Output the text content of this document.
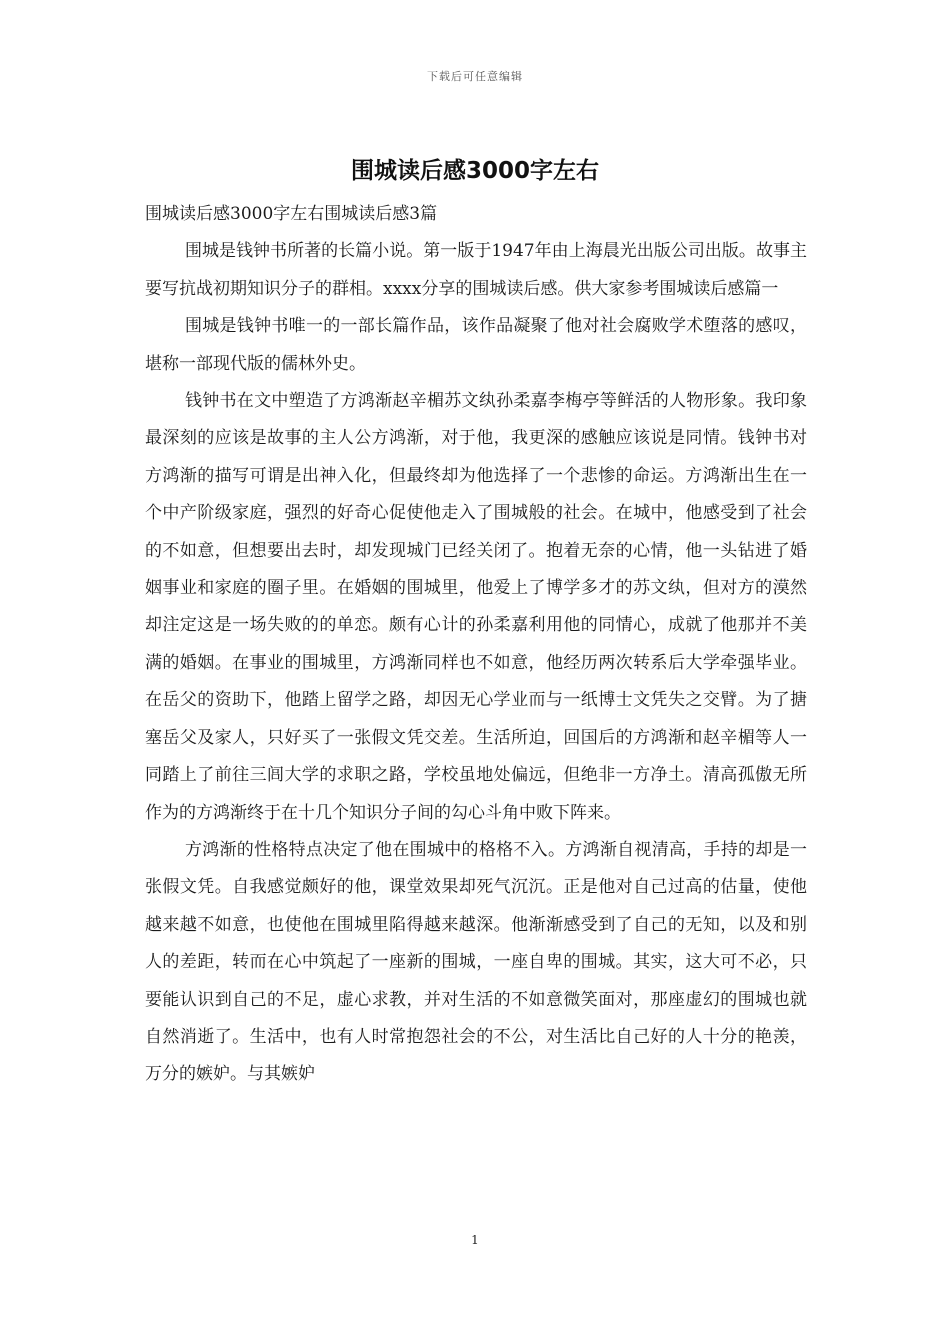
下载后可任意编辑
围城读后感3000字左右

围城读后感3000字左右围城读后感3篇

围城是钱钟书所著的长篇小说。第一版于1947年由上海晨光出版公司出版。故事主要写抗战初期知识分子的群相。xxxx分享的围城读后感。供大家参考围城读后感篇一

围城是钱钟书唯一的一部长篇作品，该作品凝聚了他对社会腐败学术堕落的感叹，堪称一部现代版的儒林外史。

钱钟书在文中塑造了方鸿渐赵辛楣苏文纨孙柔嘉李梅亭等鲜活的人物形象。我印象最深刻的应该是故事的主人公方鸿渐，对于他，我更深的感触应该说是同情。钱钟书对方鸿渐的描写可谓是出神入化，但最终却为他选择了一个悲惨的命运。方鸿渐出生在一个中产阶级家庭，强烈的好奇心促使他走入了围城般的社会。在城中，他感受到了社会的不如意，但想要出去时，却发现城门已经关闭了。抱着无奈的心情，他一头钻进了婚姻事业和家庭的圈子里。在婚姻的围城里，他爱上了博学多才的苏文纨，但对方的漠然却注定这是一场失败的的单恋。颇有心计的孙柔嘉利用他的同情心，成就了他那并不美满的婚姻。在事业的围城里，方鸿渐同样也不如意，他经历两次转系后大学牵强毕业。在岳父的资助下，他踏上留学之路，却因无心学业而与一纸博士文凭失之交臂。为了搪塞岳父及家人，只好买了一张假文凭交差。生活所迫，回国后的方鸿渐和赵辛楣等人一同踏上了前往三闾大学的求职之路，学校虽地处偏远，但绝非一方净土。清高孤傲无所作为的方鸿渐终于在十几个知识分子间的勾心斗角中败下阵来。

方鸿渐的性格特点决定了他在围城中的格格不入。方鸿渐自视清高，手持的却是一张假文凭。自我感觉颇好的他，课堂效果却死气沉沉。正是他对自己过高的估量，使他越来越不如意，也使他在围城里陷得越来越深。他渐渐感受到了自己的无知，以及和别人的差距，转而在心中筑起了一座新的围城，一座自卑的围城。其实，这大可不必，只要能认识到自己的不足，虚心求教，并对生活的不如意微笑面对，那座虚幻的围城也就自然消逝了。生活中，也有人时常抱怨社会的不公，对生活比自己好的人十分的艳羡，万分的嫉妒。与其嫉妒

1
